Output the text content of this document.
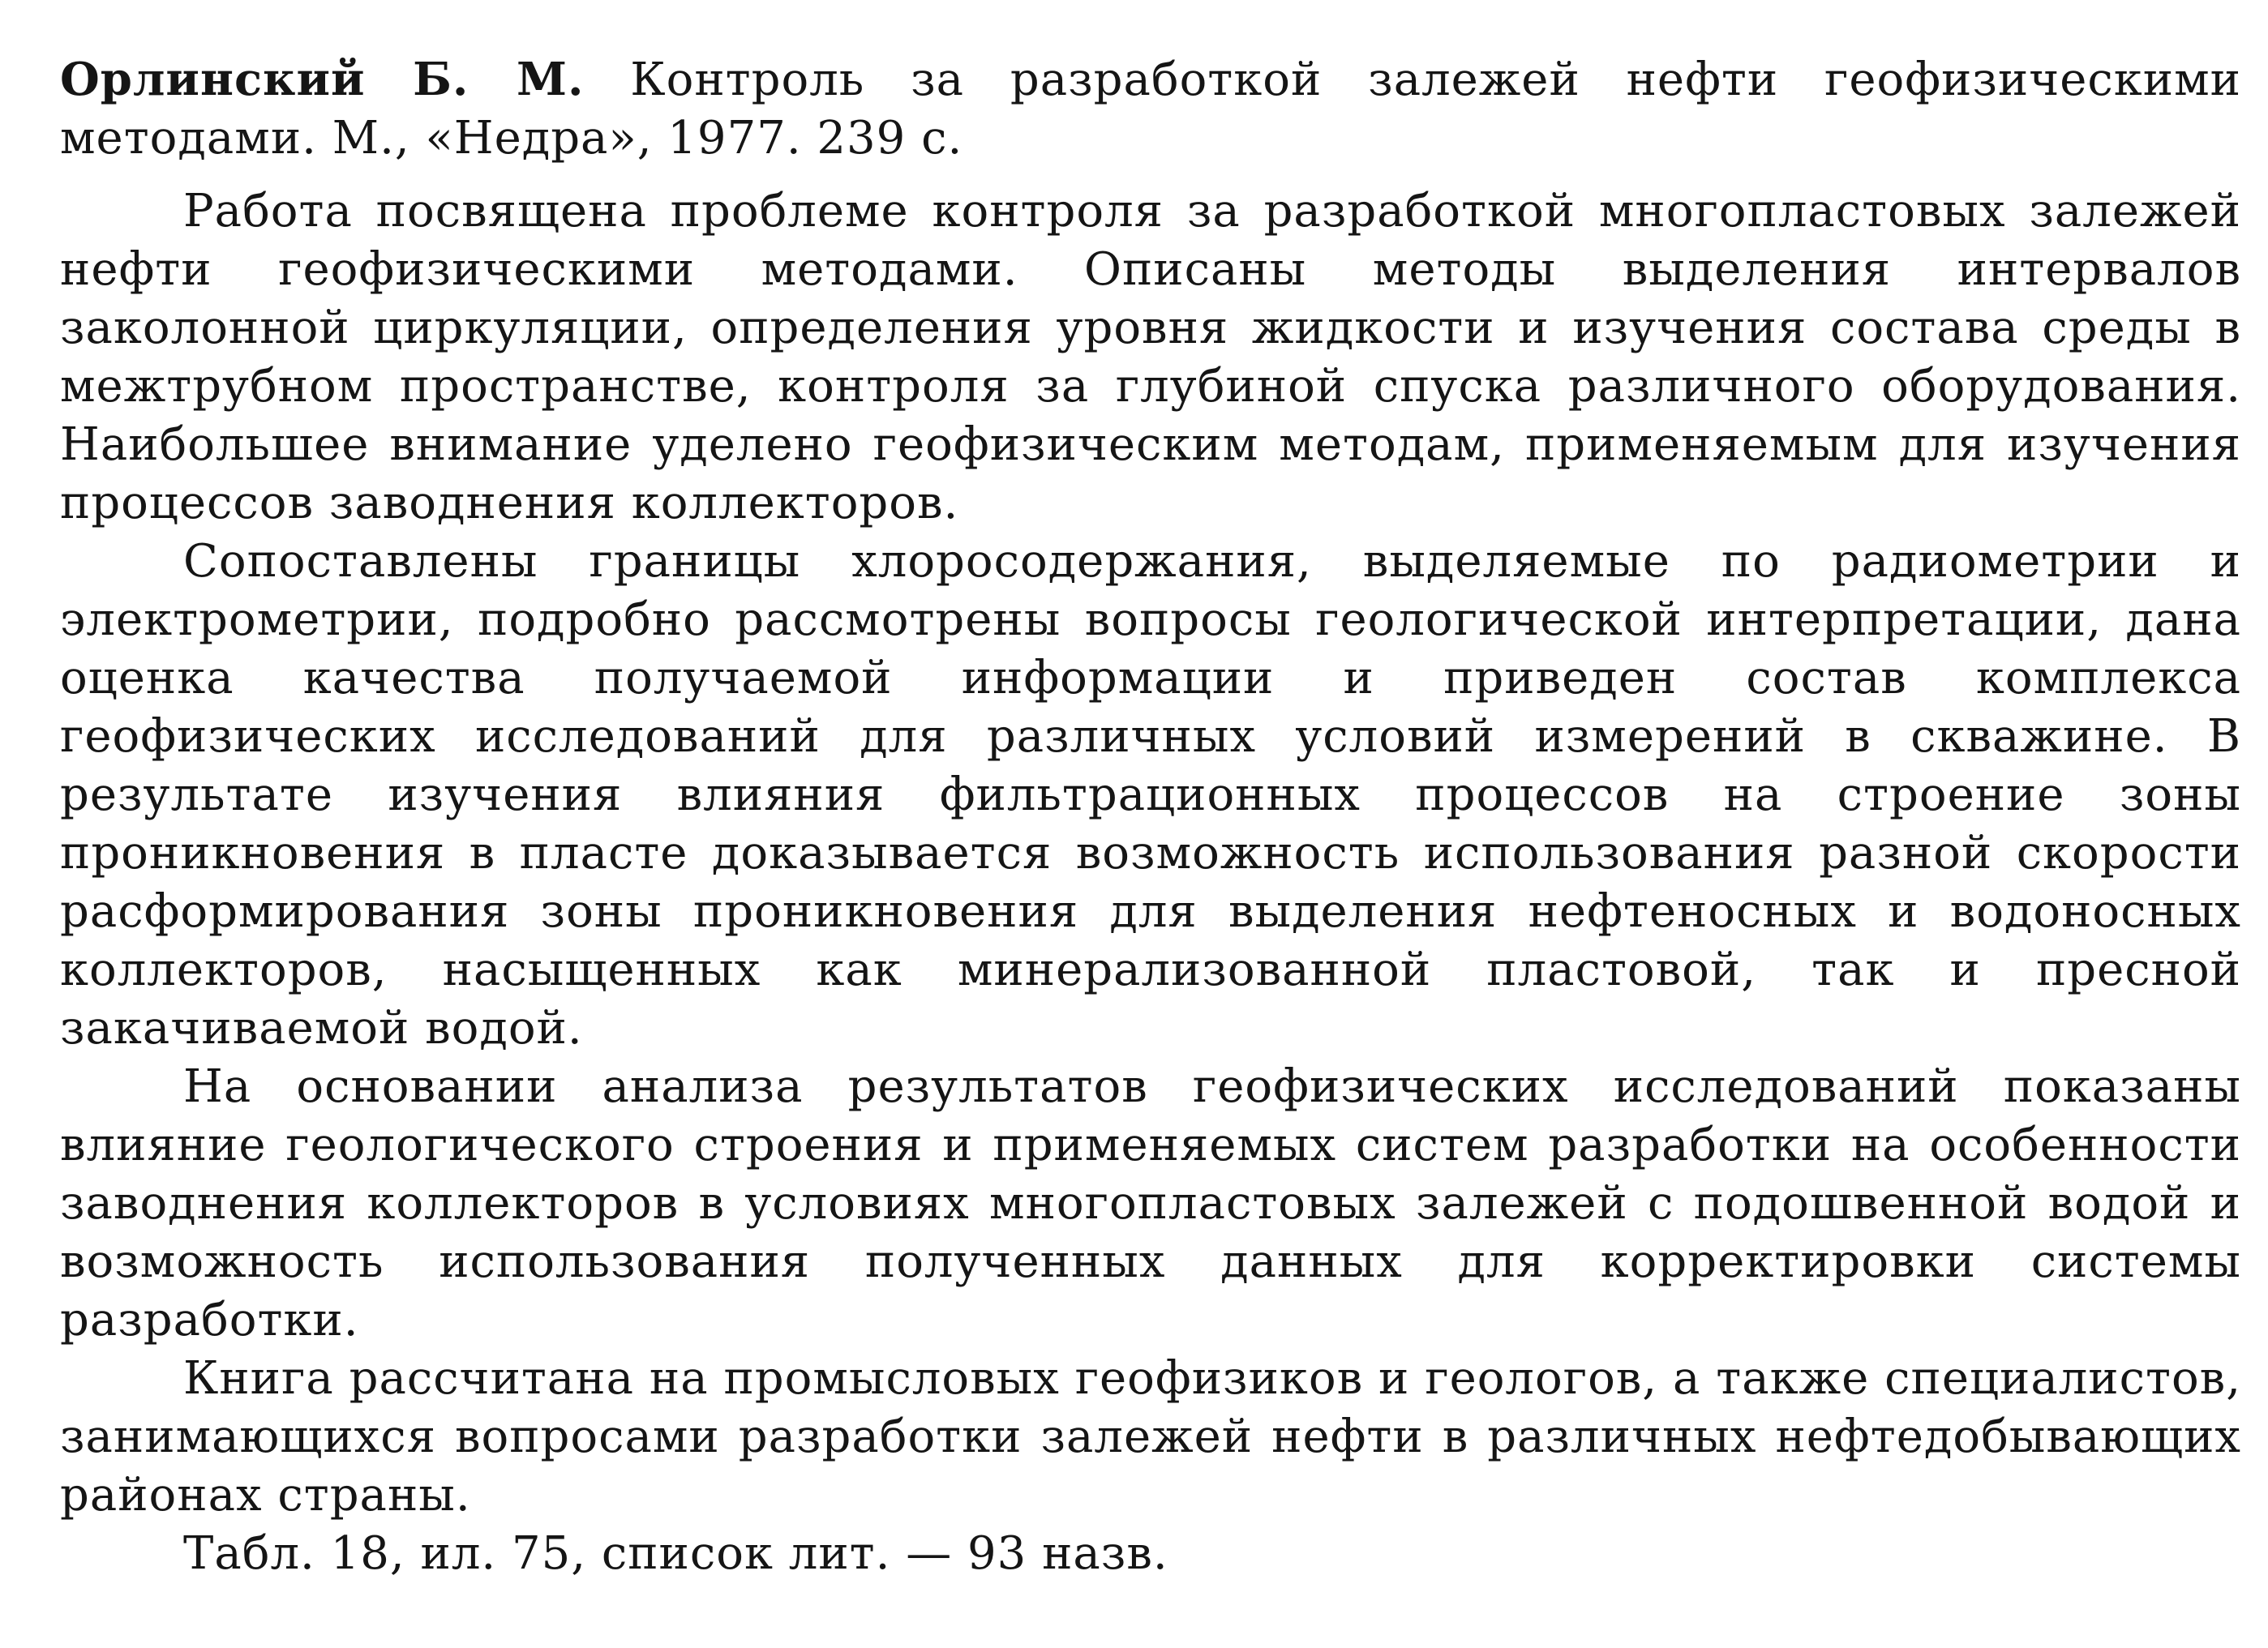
Орлинский Б. М. Контроль за разработкой залежей нефти геофизическими методами. М., «Недра», 1977. 239 с.

Работа посвящена проблеме контроля за разработкой многопластовых залежей нефти геофизическими методами. Описаны методы выделения интервалов заколонной циркуляции, определения уровня жидкости и изучения состава среды в межтрубном пространстве, контроля за глубиной спуска различного оборудования. Наибольшее внимание уделено геофизическим методам, применяемым для изучения процессов заводнения коллекторов.

Сопоставлены границы хлоросодержания, выделяемые по радиометрии и электрометрии, подробно рассмотрены вопросы геологической интерпретации, дана оценка качества получаемой информации и приведен состав комплекса геофизических исследований для различных условий измерений в скважине. В результате изучения влияния фильтрационных процессов на строение зоны проникновения в пласте доказывается возможность использования разной скорости расформирования зоны проникновения для выделения нефтеносных и водоносных коллекторов, насыщенных как минерализованной пластовой, так и пресной закачиваемой водой.

На основании анализа результатов геофизических исследований показаны влияние геологического строения и применяемых систем разработки на особенности заводнения коллекторов в условиях многопластовых залежей с подошвенной водой и возможность использования полученных данных для корректировки системы разработки.

Книга рассчитана на промысловых геофизиков и геологов, а также специалистов, занимающихся вопросами разработки залежей нефти в различных нефтедобывающих районах страны.

Табл. 18, ил. 75, список лит. — 93 назв.
